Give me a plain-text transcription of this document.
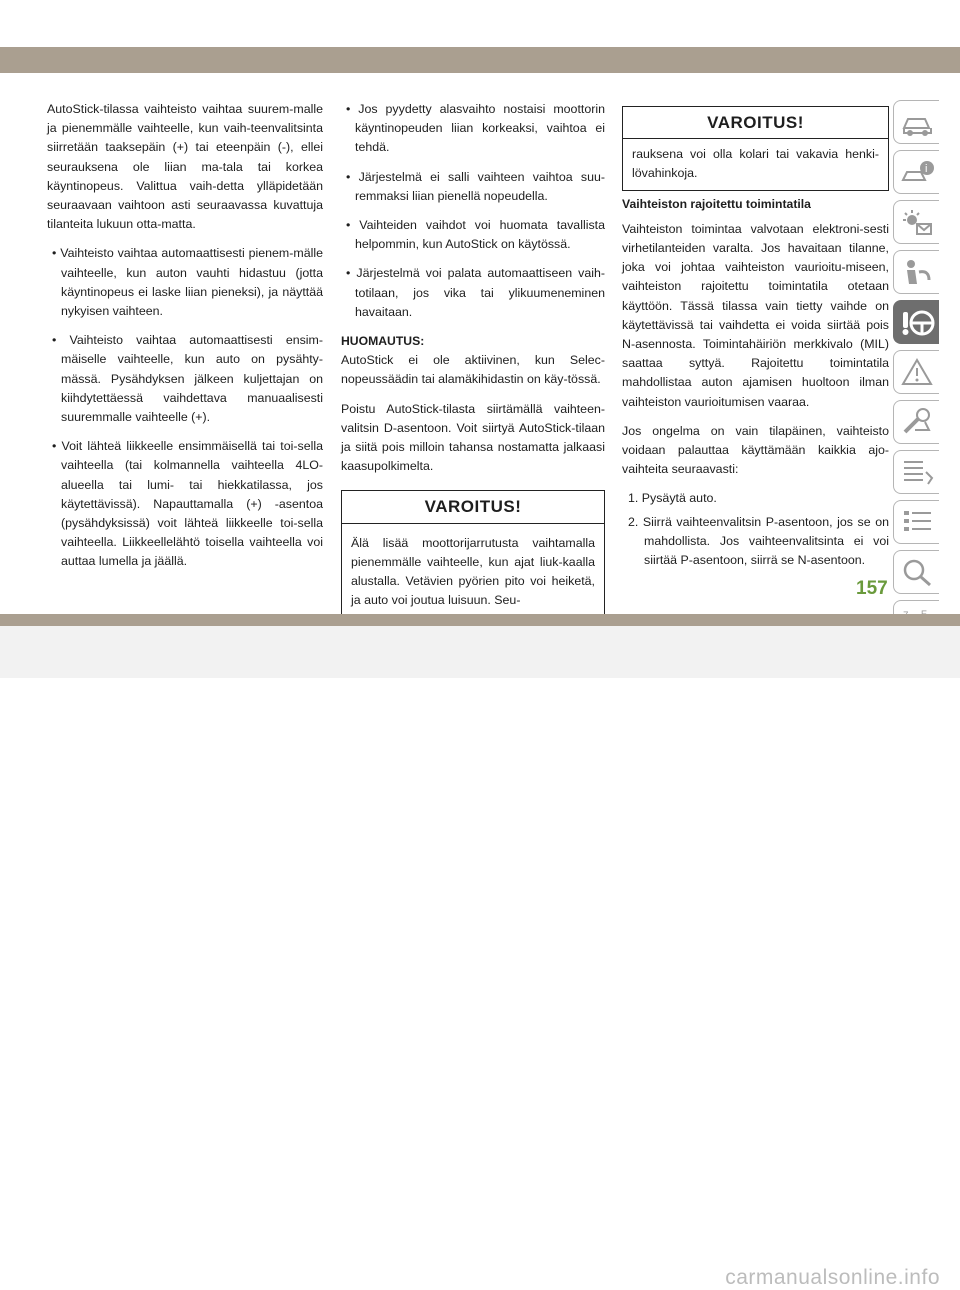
AutoStick-tilassa vaihteisto vaihtaa suurem-malle ja pienemmälle vaihteelle, kun vaih-teenvalitsinta siirretään taaksepäin (+) tai eteenpäin (-), ellei seurauksena ole liian ma-tala tai korkea käyntinopeus. Valittua vaih-detta ylläpidetään seuraavaan vaihtoon asti seuraavassa kuvattuja tilanteita lukuun otta-matta.

• Vaihteisto vaihtaa automaattisesti pienem-mälle vaihteelle, kun auton vauhti hidastuu (jotta käyntinopeus ei laske liian pieneksi), ja näyttää nykyisen vaihteen.

• Vaihteisto vaihtaa automaattisesti ensim-mäiselle vaihteelle, kun auto on pysähty-mässä. Pysähdyksen jälkeen kuljettajan on kiihdytettäessä vaihdettava manuaalisesti suuremmalle vaihteelle (+).

• Voit lähteä liikkeelle ensimmäisellä tai toi-sella vaihteella (tai kolmannella vaihteella 4LO-alueella tai lumi- tai hiekkatilassa, jos käytettävissä). Napauttamalla (+) -asentoa (pysähdyksissä) voit lähteä liikkeelle toi-sella vaihteella. Liikkeellelähtö toisella vaihteella voi auttaa lumella ja jäällä.

• Jos pyydetty alasvaihto nostaisi moottorin käyntinopeuden liian korkeaksi, vaihtoa ei tehdä.

• Järjestelmä ei salli vaihteen vaihtoa suu-remmaksi liian pienellä nopeudella.

• Vaihteiden vaihdot voi huomata tavallista helpommin, kun AutoStick on käytössä.

• Järjestelmä voi palata automaattiseen vaih-totilaan, jos vika tai ylikuumeneminen havaitaan.

HUOMAUTUS:

AutoStick ei ole aktiivinen, kun Selec-nopeussäädin tai alamäkihidastin on käy-tössä.

Poistu AutoStick-tilasta siirtämällä vaihteen-valitsin D-asentoon. Voit siirtyä AutoStick-tilaan ja siitä pois milloin tahansa nostamatta jalkaasi kaasupolkimelta.

VAROITUS!

Älä lisää moottorijarrutusta vaihtamalla pienemmälle vaihteelle, kun ajat liuk-kaalla alustalla. Vetävien pyörien pito voi heiketä, ja auto voi joutua luisuun. Seu-

VAROITUS!

rauksena voi olla kolari tai vakavia henki-lövahinkoja.

Vaihteiston rajoitettu toimintatila

Vaihteiston toimintaa valvotaan elektroni-sesti virhetilanteiden varalta. Jos havaitaan tilanne, joka voi johtaa vaihteiston vaurioitu-miseen, vaihteiston rajoitettu toimintatila otetaan käyttöön. Tässä tilassa vain tietty vaihde on käytettävissä tai vaihdetta ei voida siirtää pois N-asennosta. Toimintahäiriön merkkivalo (MIL) saattaa syttyä. Rajoitettu toimintatila mahdollistaa auton ajamisen huoltoon ilman vaihteiston vaurioitumisen vaaraa.

Jos ongelma on vain tilapäinen, vaihteisto voidaan palauttaa käyttämään kaikkia ajo-vaihteita seuraavasti:

1. Pysäytä auto.

2. Siirrä vaihteenvalitsin P-asentoon, jos se on mahdollista. Jos vaihteenvalitsinta ei voi siirtää P-asentoon, siirrä se N-asentoon.

i
157
carmanualsonline.info
